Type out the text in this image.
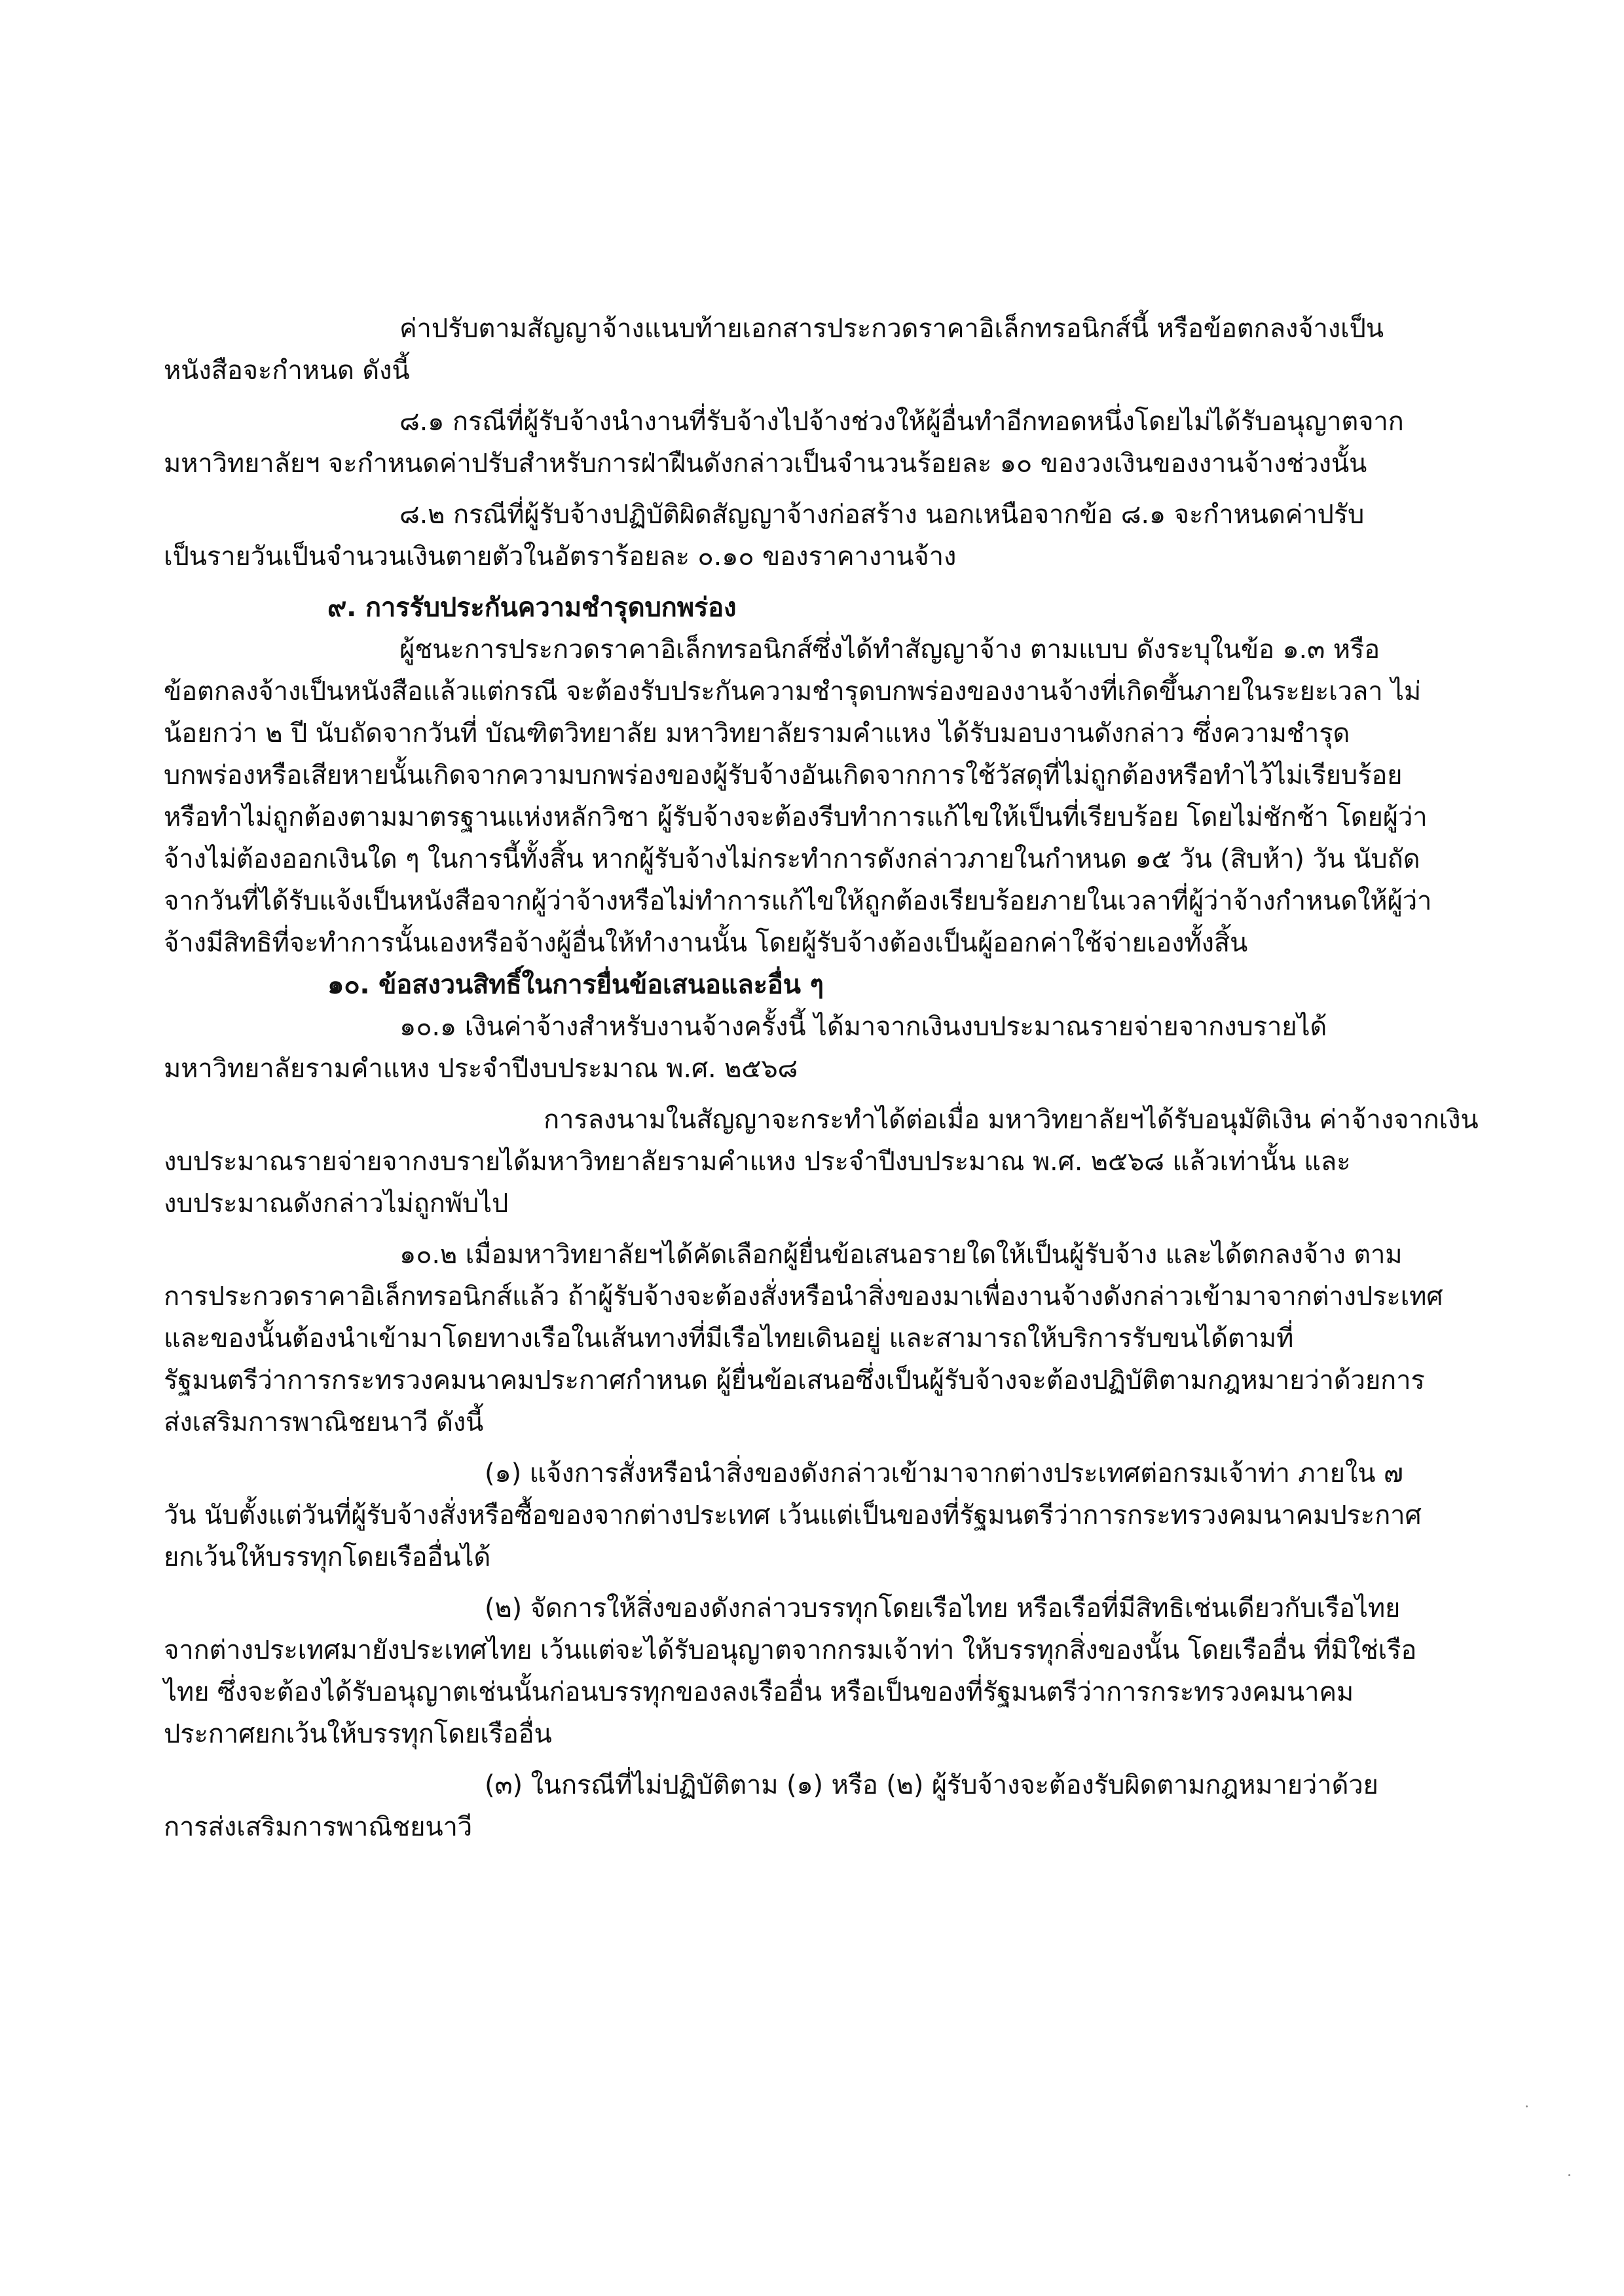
ค่าปรับตามสัญญาจ้างแนบท้ายเอกสารประกวดราคาอิเล็กทรอนิกส์นี้ หรือข้อตกลงจ้างเป็น
หนังสือจะกำหนด ดังนี้
๘.๑ กรณีที่ผู้รับจ้างนำงานที่รับจ้างไปจ้างช่วงให้ผู้อื่นทำอีกทอดหนึ่งโดยไม่ได้รับอนุญาตจาก
มหาวิทยาลัยฯ จะกำหนดค่าปรับสำหรับการฝ่าฝืนดังกล่าวเป็นจำนวนร้อยละ ๑๐ ของวงเงินของงานจ้างช่วงนั้น
๘.๒ กรณีที่ผู้รับจ้างปฏิบัติผิดสัญญาจ้างก่อสร้าง นอกเหนือจากข้อ ๘.๑ จะกำหนดค่าปรับ
เป็นรายวันเป็นจำนวนเงินตายตัวในอัตราร้อยละ ๐.๑๐ ของราคางานจ้าง
๙. การรับประกันความชำรุดบกพร่อง
ผู้ชนะการประกวดราคาอิเล็กทรอนิกส์ซึ่งได้ทำสัญญาจ้าง ตามแบบ ดังระบุในข้อ ๑.๓ หรือ
ข้อตกลงจ้างเป็นหนังสือแล้วแต่กรณี จะต้องรับประกันความชำรุดบกพร่องของงานจ้างที่เกิดขึ้นภายในระยะเวลา ไม่
น้อยกว่า ๒ ปี นับถัดจากวันที่ บัณฑิตวิทยาลัย มหาวิทยาลัยรามคำแหง ได้รับมอบงานดังกล่าว ซึ่งความชำรุด
บกพร่องหรือเสียหายนั้นเกิดจากความบกพร่องของผู้รับจ้างอันเกิดจากการใช้วัสดุที่ไม่ถูกต้องหรือทำไว้ไม่เรียบร้อย
หรือทำไม่ถูกต้องตามมาตรฐานแห่งหลักวิชา ผู้รับจ้างจะต้องรีบทำการแก้ไขให้เป็นที่เรียบร้อย โดยไม่ชักช้า โดยผู้ว่า
จ้างไม่ต้องออกเงินใด ๆ ในการนี้ทั้งสิ้น หากผู้รับจ้างไม่กระทำการดังกล่าวภายในกำหนด ๑๕ วัน (สิบห้า) วัน นับถัด
จากวันที่ได้รับแจ้งเป็นหนังสือจากผู้ว่าจ้างหรือไม่ทำการแก้ไขให้ถูกต้องเรียบร้อยภายในเวลาที่ผู้ว่าจ้างกำหนดให้ผู้ว่า
จ้างมีสิทธิที่จะทำการนั้นเองหรือจ้างผู้อื่นให้ทำงานนั้น โดยผู้รับจ้างต้องเป็นผู้ออกค่าใช้จ่ายเองทั้งสิ้น
๑๐. ข้อสงวนสิทธิ์ในการยื่นข้อเสนอและอื่น ๆ
๑๐.๑ เงินค่าจ้างสำหรับงานจ้างครั้งนี้ ได้มาจากเงินงบประมาณรายจ่ายจากงบรายได้
มหาวิทยาลัยรามคำแหง ประจำปีงบประมาณ พ.ศ. ๒๕๖๘
การลงนามในสัญญาจะกระทำได้ต่อเมื่อ มหาวิทยาลัยฯได้รับอนุมัติเงิน ค่าจ้างจากเงิน
งบประมาณรายจ่ายจากงบรายได้มหาวิทยาลัยรามคำแหง ประจำปีงบประมาณ พ.ศ. ๒๕๖๘ แล้วเท่านั้น และ
งบประมาณดังกล่าวไม่ถูกพับไป
๑๐.๒ เมื่อมหาวิทยาลัยฯได้คัดเลือกผู้ยื่นข้อเสนอรายใดให้เป็นผู้รับจ้าง และได้ตกลงจ้าง ตาม
การประกวดราคาอิเล็กทรอนิกส์แล้ว ถ้าผู้รับจ้างจะต้องสั่งหรือนำสิ่งของมาเพื่องานจ้างดังกล่าวเข้ามาจากต่างประเทศ
และของนั้นต้องนำเข้ามาโดยทางเรือในเส้นทางที่มีเรือไทยเดินอยู่ และสามารถให้บริการรับขนได้ตามที่
รัฐมนตรีว่าการกระทรวงคมนาคมประกาศกำหนด ผู้ยื่นข้อเสนอซึ่งเป็นผู้รับจ้างจะต้องปฏิบัติตามกฎหมายว่าด้วยการ
ส่งเสริมการพาณิชยนาวี ดังนี้
(๑) แจ้งการสั่งหรือนำสิ่งของดังกล่าวเข้ามาจากต่างประเทศต่อกรมเจ้าท่า ภายใน ๗
วัน นับตั้งแต่วันที่ผู้รับจ้างสั่งหรือซื้อของจากต่างประเทศ เว้นแต่เป็นของที่รัฐมนตรีว่าการกระทรวงคมนาคมประกาศ
ยกเว้นให้บรรทุกโดยเรืออื่นได้
(๒) จัดการให้สิ่งของดังกล่าวบรรทุกโดยเรือไทย หรือเรือที่มีสิทธิเช่นเดียวกับเรือไทย
จากต่างประเทศมายังประเทศไทย เว้นแต่จะได้รับอนุญาตจากกรมเจ้าท่า ให้บรรทุกสิ่งของนั้น โดยเรืออื่น ที่มิใช่เรือ
ไทย ซึ่งจะต้องได้รับอนุญาตเช่นนั้นก่อนบรรทุกของลงเรืออื่น หรือเป็นของที่รัฐมนตรีว่าการกระทรวงคมนาคม
ประกาศยกเว้นให้บรรทุกโดยเรืออื่น
(๓) ในกรณีที่ไม่ปฏิบัติตาม (๑) หรือ (๒) ผู้รับจ้างจะต้องรับผิดตามกฎหมายว่าด้วย
การส่งเสริมการพาณิชยนาวี
